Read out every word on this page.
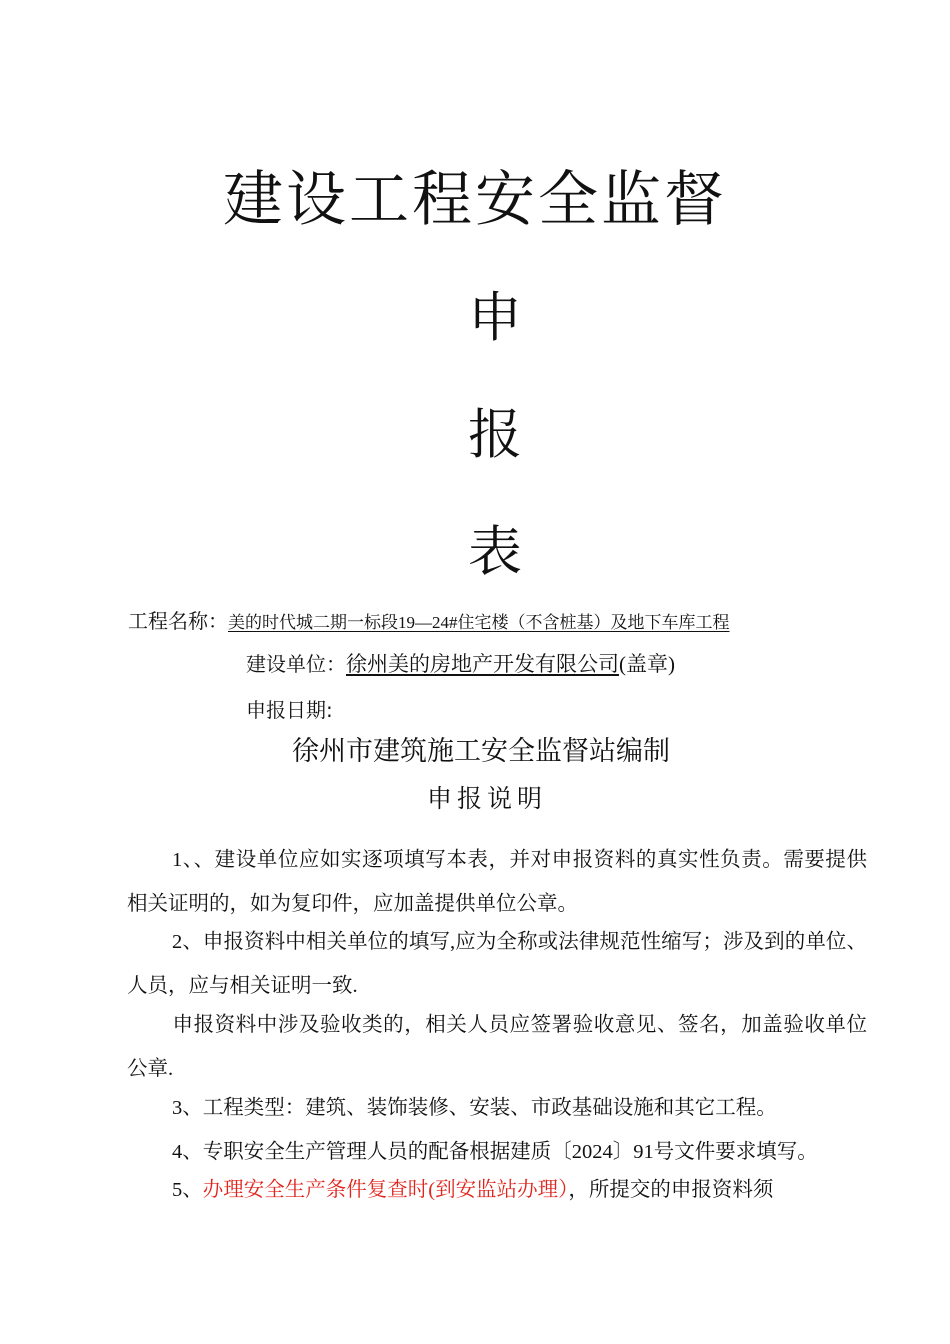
建设工程安全监督
申
报
表
工程名称：美的时代城二期一标段19—24#住宅楼（不含桩基）及地下车库工程
建设单位：徐州美的房地产开发有限公司(盖章)
申报日期:
徐州市建筑施工安全监督站编制
申报说明
1、、建设单位应如实逐项填写本表，并对申报资料的真实性负责。需要提供相关证明的，如为复印件，应加盖提供单位公章。
2、申报资料中相关单位的填写,应为全称或法律规范性缩写；涉及到的单位、人员，应与相关证明一致.
申报资料中涉及验收类的，相关人员应签署验收意见、签名，加盖验收单位公章.
3、工程类型：建筑、装饰装修、安装、市政基础设施和其它工程。
4、专职安全生产管理人员的配备根据建质〔2024〕91号文件要求填写。
5、办理安全生产条件复查时(到安监站办理），所提交的申报资料须
